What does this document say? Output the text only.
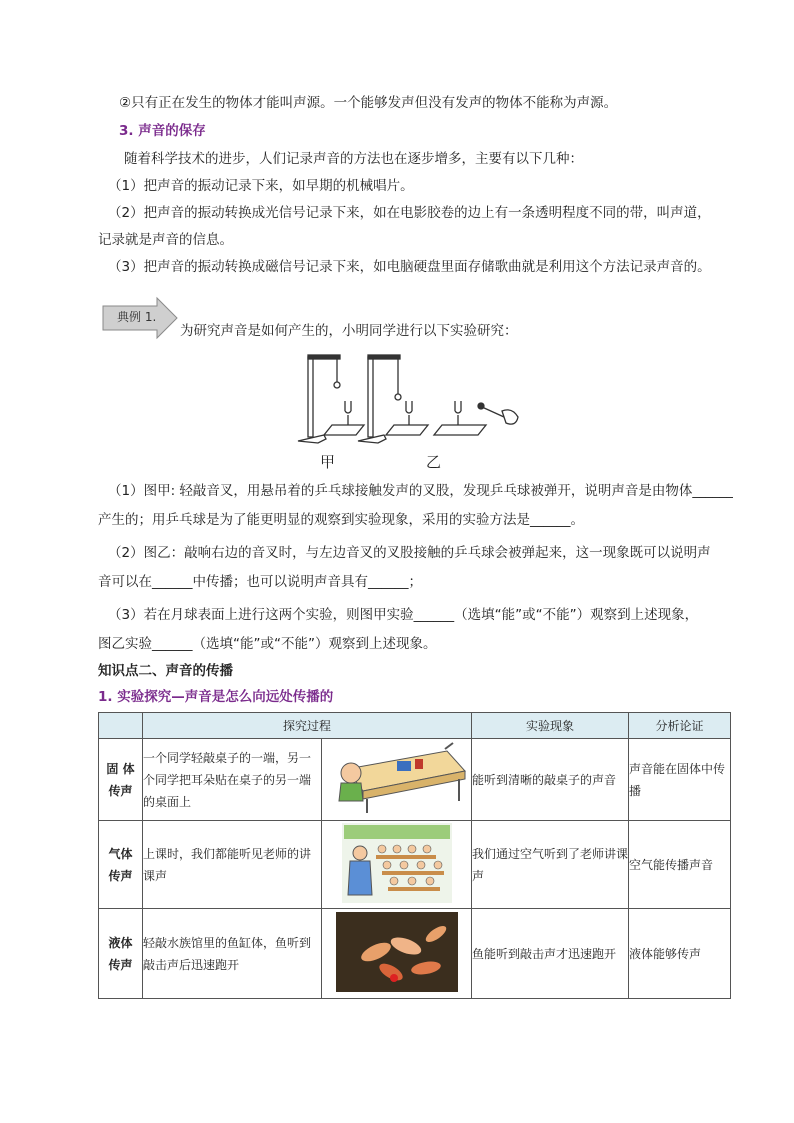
②只有正在发生的物体才能叫声源。一个能够发声但没有发声的物体不能称为声源。
3. 声音的保存
随着科学技术的进步，人们记录声音的方法也在逐步增多，主要有以下几种：
（1）把声音的振动记录下来，如早期的机械唱片。
（2）把声音的振动转换成光信号记录下来，如在电影胶卷的边上有一条透明程度不同的带，叫声道，
记录就是声音的信息。
（3）把声音的振动转换成磁信号记录下来，如电脑硬盘里面存储歌曲就是利用这个方法记录声音的。
典例 1.
为研究声音是如何产生的，小明同学进行以下实验研究：
甲	乙
（1）图甲: 轻敲音叉，用悬吊着的乒乓球接触发声的叉股，发现乒乓球被弹开，说明声音是由物体______
产生的；用乒乓球是为了能更明显的观察到实验现象，采用的实验方法是______。
（2）图乙：敲响右边的音叉时，与左边音叉的叉股接触的乒乓球会被弹起来，这一现象既可以说明声
音可以在______中传播；也可以说明声音具有______；
（3）若在月球表面上进行这两个实验，则图甲实验______（选填“能”或“不能”）观察到上述现象，
图乙实验______（选填“能”或“不能”）观察到上述现象。
知识点二、声音的传播
1. 实验探究—声音是怎么向远处传播的
	探究过程		实验现象	分析论证
固 体
传声	一个同学轻敲桌子的一端，另一个同学把耳朵贴在桌子的另一端的桌面上		能听到清晰的敲桌子的声音	声音能在固体中传播
气体
传声	上课时，我们都能听见老师的讲课声		我们通过空气听到了老师讲课声	空气能传播声音
液体
传声	轻敲水族馆里的鱼缸体，鱼听到敲击声后迅速跑开		鱼能听到敲击声才迅速跑开	液体能够传声
